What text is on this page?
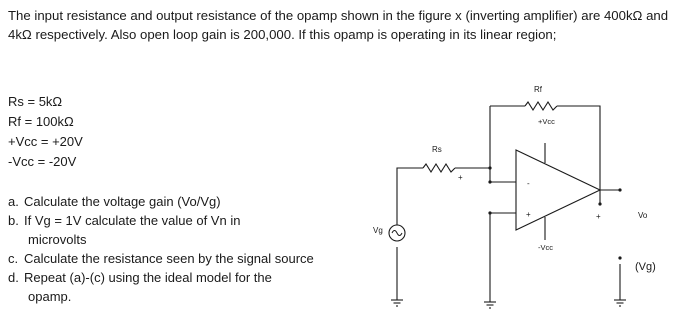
The input resistance and output resistance of the opamp shown in the figure x (inverting amplifier) are 400kΩ and 4kΩ respectively. Also open loop gain is 200,000. If this opamp is operating in its linear region;

Rs = 5kΩ
Rf = 100kΩ
+Vcc = +20V
-Vcc = -20V
a. Calculate the voltage gain (Vo/Vg)
b. If Vg = 1V calculate the value of Vn in
microvolts
c. Calculate the resistance seen by the signal source
d. Repeat (a)-(c) using the ideal model for the
opamp.
Rf
Rs
+Vcc
-Vcc
Vg
Vo
(Vg)
-
+
+
+
